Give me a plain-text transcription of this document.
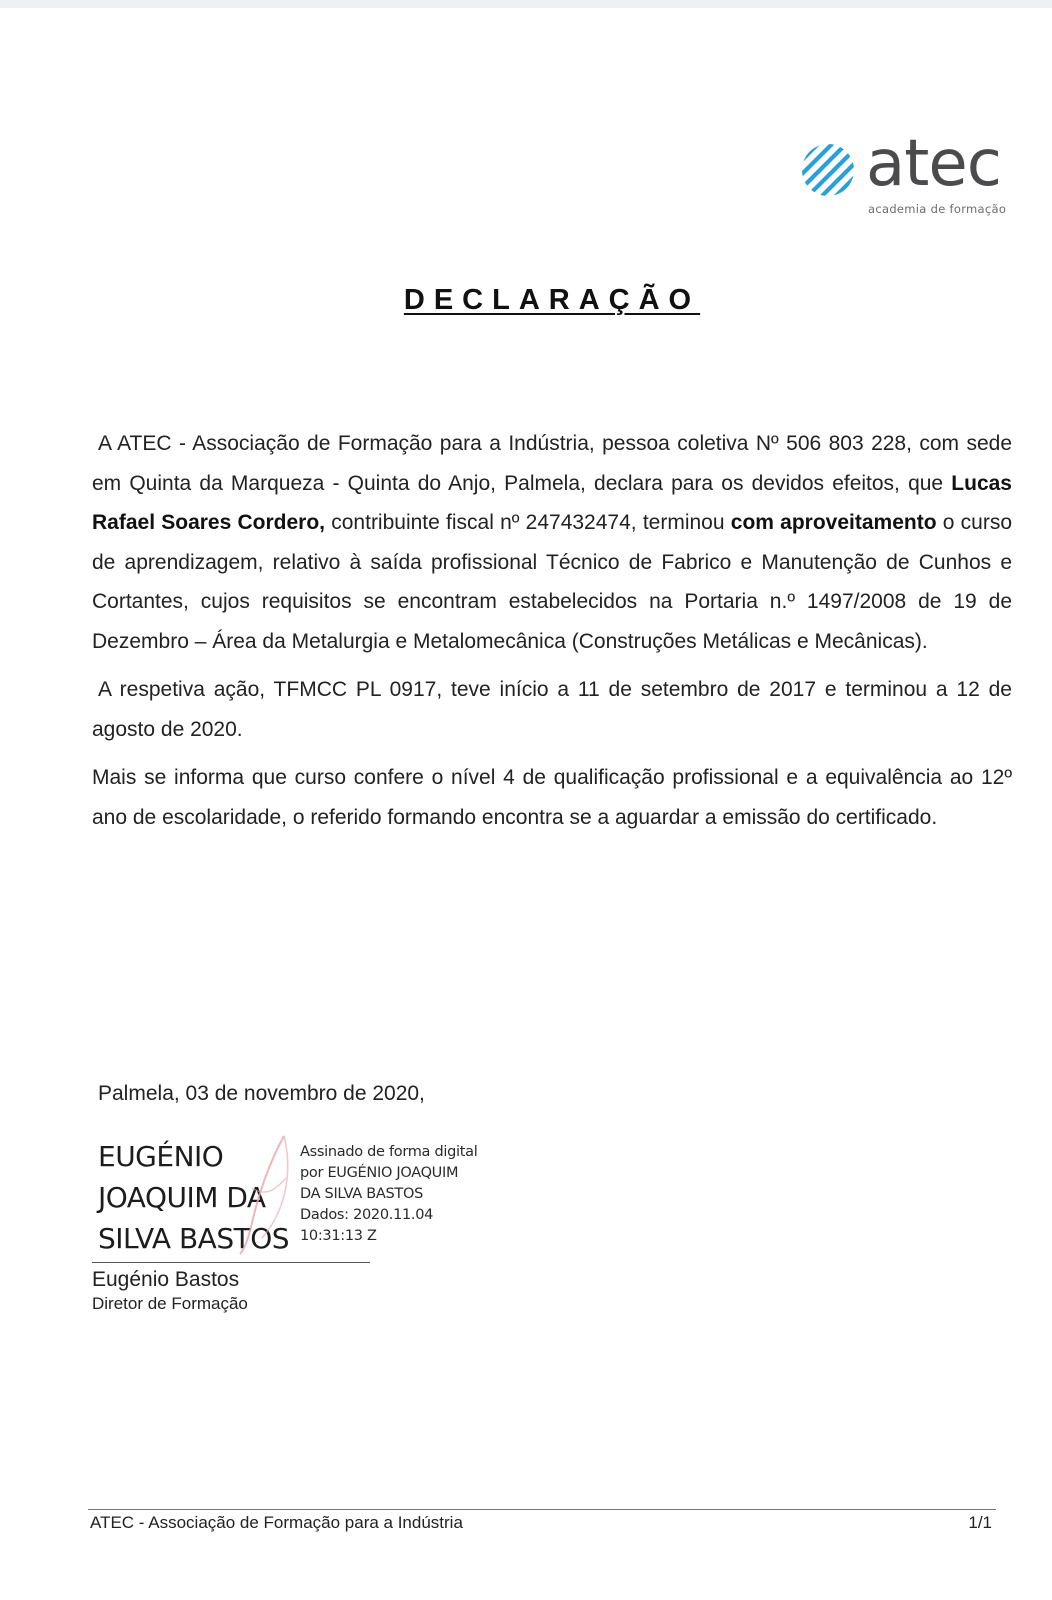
atec
academia de formação
DECLARAÇÃO

A ATEC - Associação de Formação para a Indústria, pessoa coletiva Nº 506 803 228, com sede em Quinta da Marqueza - Quinta do Anjo, Palmela, declara para os devidos efeitos, que Lucas Rafael Soares Cordero, contribuinte fiscal nº 247432474, terminou com aproveitamento o curso de aprendizagem, relativo à saída profissional Técnico de Fabrico e Manutenção de Cunhos e Cortantes, cujos requisitos se encontram estabelecidos na Portaria n.º 1497/2008 de 19 de Dezembro – Área da Metalurgia e Metalomecânica (Construções Metálicas e Mecânicas).

A respetiva ação, TFMCC PL 0917, teve início a 11 de setembro de 2017 e terminou a 12 de agosto de 2020.

Mais se informa que curso confere o nível 4 de qualificação profissional e a equivalência ao 12º ano de escolaridade, o referido formando encontra se a aguardar a emissão do certificado.

Palmela, 03 de novembro de 2020,
EUGÉNIO
JOAQUIM DA
SILVA BASTOS
Assinado de forma digital
por EUGÉNIO JOAQUIM
DA SILVA BASTOS
Dados: 2020.11.04
10:31:13 Z
Eugénio Bastos
Diretor de Formação
ATEC - Associação de Formação para a Indústria	1/1
